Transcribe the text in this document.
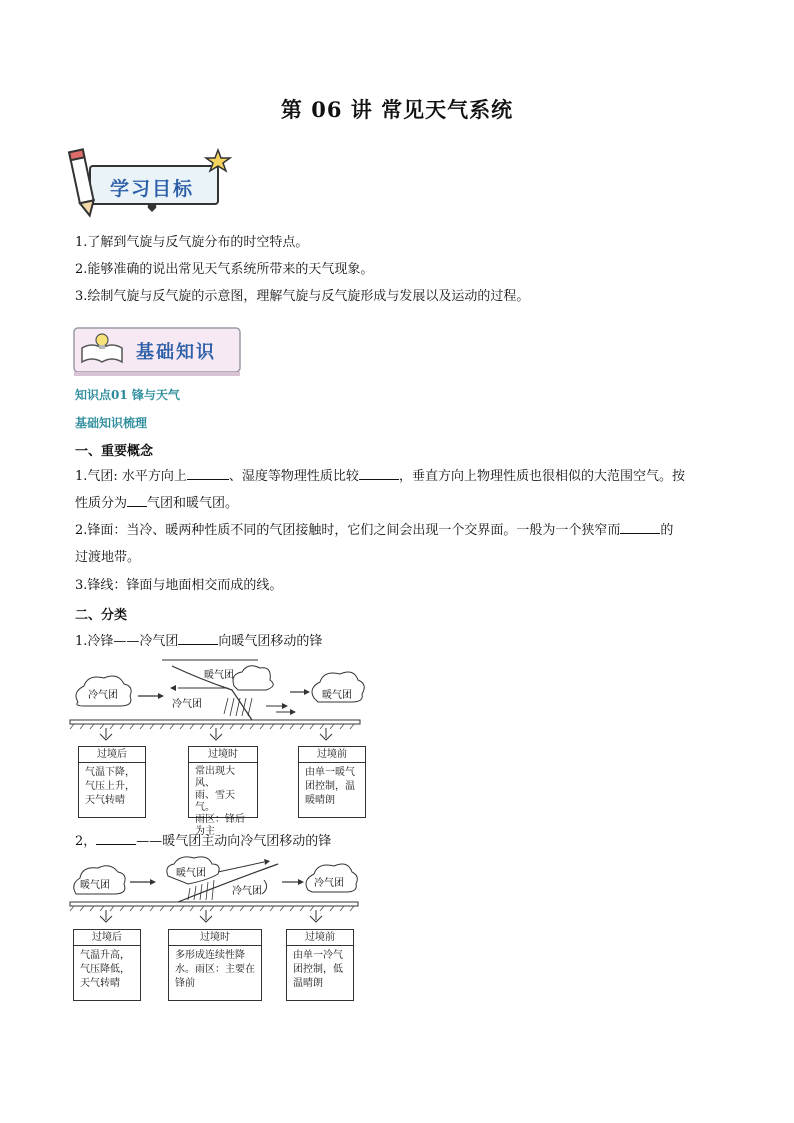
第 06 讲 常见天气系统
学习目标
1.了解到气旋与反气旋分布的时空特点。
2.能够准确的说出常见天气系统所带来的天气现象。
3.绘制气旋与反气旋的示意图，理解气旋与反气旋形成与发展以及运动的过程。
基础知识
知识点01 锋与天气
基础知识梳理
一、重要概念
1.气团: 水平方向上	、湿度等物理性质比较	，垂直方向上物理性质也很相似的大范围空气。按
性质分为 气团和暖气团。
2.锋面：当冷、暖两种性质不同的气团接触时，它们之间会出现一个交界面。一般为一个狭窄而	的
过渡地带。
3.锋线：锋面与地面相交而成的线。
二、分类
1.冷锋——冷气团	向暖气团移动的锋
冷气团
暖气团
冷气团
暖气团
过境后
气温下降，
气压上升，
天气转晴
过境时
常出现大风、
雨、雪天气。
雨区：锋后
为主
过境前
由单一暖气
团控制，温
暖晴朗
2，	——暖气团主动向冷气团移动的锋
暖气团
暖气团
冷气团
冷气团
过境后
气温升高，
气压降低，
天气转晴
过境时
多形成连续性降
水。雨区：主要在
锋前
过境前
由单一冷气
团控制，低
温晴朗
